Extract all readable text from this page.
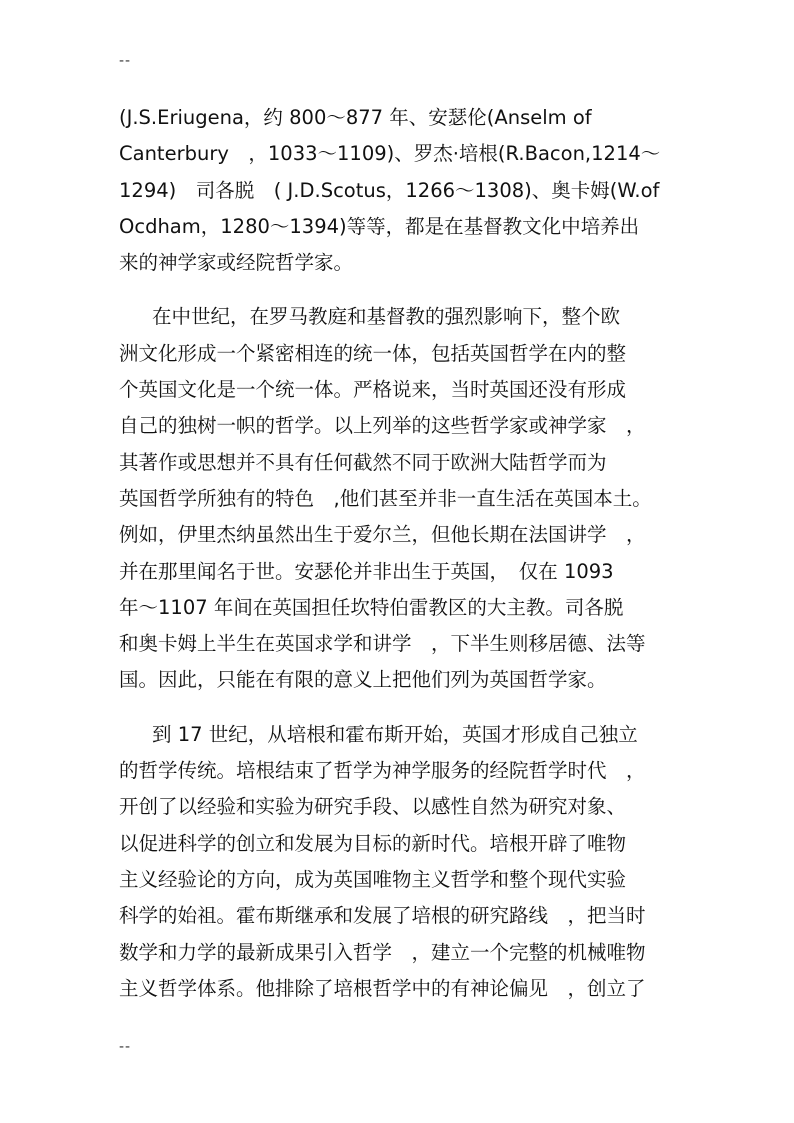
--
(J.S.Eriugena，约 800～877 年、安瑟伦(Anselm of
Canterbury　，1033～1109)、罗杰·培根(R.Bacon,1214～
1294)　司各脱　( J.D.Scotus，1266～1308)、奥卡姆(W.of
Ocdham，1280～1394)等等，都是在基督教文化中培养出
来的神学家或经院哲学家。
在中世纪，在罗马教庭和基督教的强烈影响下，整个欧
洲文化形成一个紧密相连的统一体，包括英国哲学在内的整
个英国文化是一个统一体。严格说来，当时英国还没有形成
自己的独树一帜的哲学。以上列举的这些哲学家或神学家　，
其著作或思想并不具有任何截然不同于欧洲大陆哲学而为
英国哲学所独有的特色　,他们甚至并非一直生活在英国本土。
例如，伊里杰纳虽然出生于爱尔兰，但他长期在法国讲学　，
并在那里闻名于世。安瑟伦并非出生于英国，　仅在 1093
年～1107 年间在英国担任坎特伯雷教区的大主教。司各脱
和奥卡姆上半生在英国求学和讲学　，下半生则移居德、法等
国。因此，只能在有限的意义上把他们列为英国哲学家。
到 17 世纪，从培根和霍布斯开始，英国才形成自己独立
的哲学传统。培根结束了哲学为神学服务的经院哲学时代　，
开创了以经验和实验为研究手段、以感性自然为研究对象、
以促进科学的创立和发展为目标的新时代。培根开辟了唯物
主义经验论的方向，成为英国唯物主义哲学和整个现代实验
科学的始祖。霍布斯继承和发展了培根的研究路线　，把当时
数学和力学的最新成果引入哲学　，建立一个完整的机械唯物
主义哲学体系。他排除了培根哲学中的有神论偏见　，创立了
--
